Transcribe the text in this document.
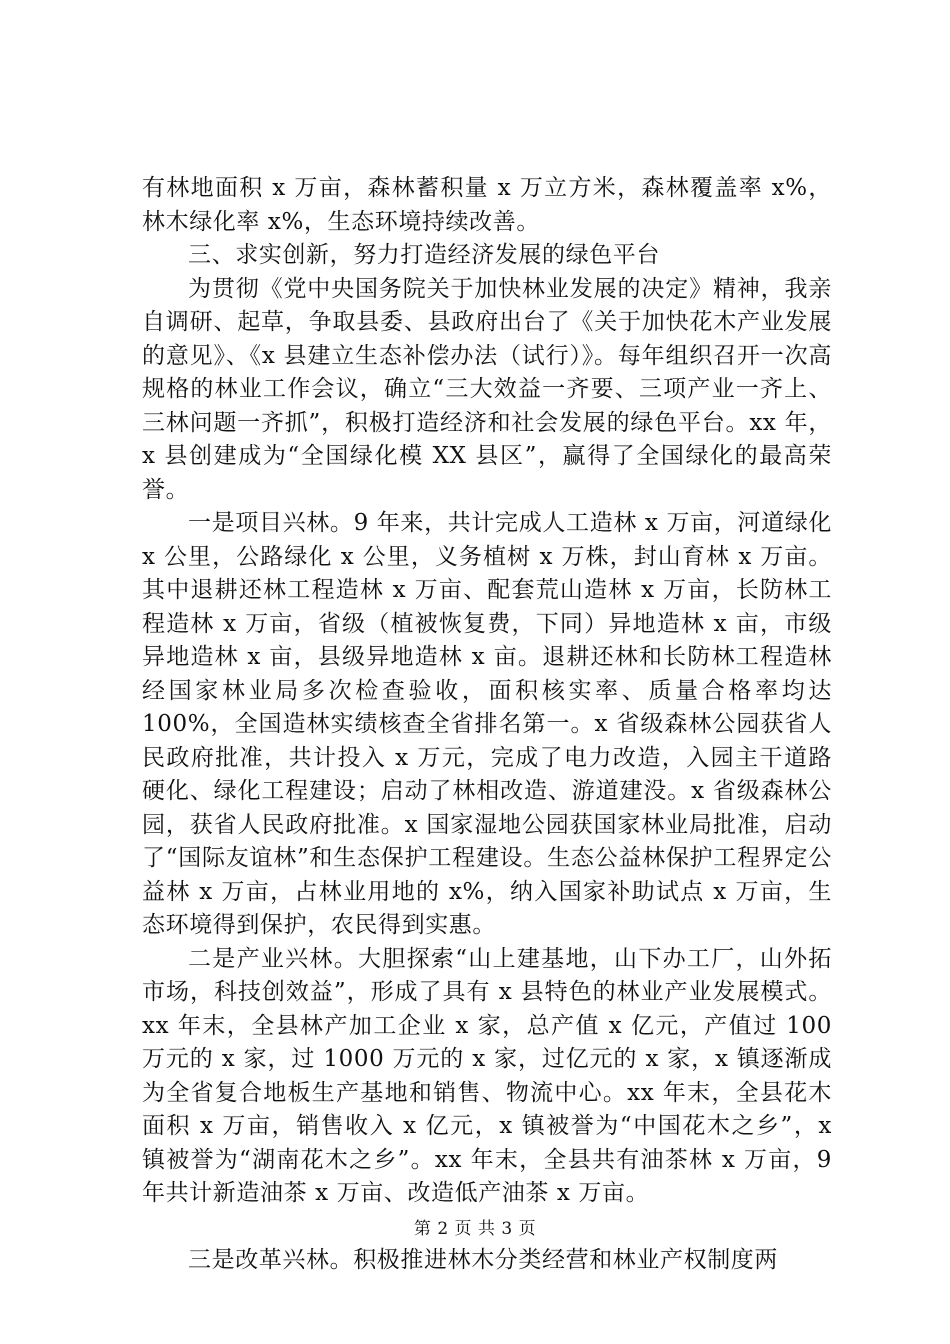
有林地面积 x 万亩，森林蓄积量 x 万立方米，森林覆盖率 x%，林木绿化率 x%，生态环境持续改善。

三、求实创新，努力打造经济发展的绿色平台

为贯彻《党中央国务院关于加快林业发展的决定》精神，我亲自调研、起草，争取县委、县政府出台了《关于加快花木产业发展的意见》、《x 县建立生态补偿办法（试行）》。每年组织召开一次高规格的林业工作会议，确立“三大效益一齐要、三项产业一齐上、三林问题一齐抓”，积极打造经济和社会发展的绿色平台。xx 年，x 县创建成为“全国绿化模 XX 县区”，赢得了全国绿化的最高荣誉。

一是项目兴林。9 年来，共计完成人工造林 x 万亩，河道绿化 x 公里，公路绿化 x 公里，义务植树 x 万株，封山育林 x 万亩。其中退耕还林工程造林 x 万亩、配套荒山造林 x 万亩，长防林工程造林 x 万亩，省级（植被恢复费，下同）异地造林 x 亩，市级异地造林 x 亩，县级异地造林 x 亩。退耕还林和长防林工程造林经国家林业局多次检查验收，面积核实率、质量合格率均达 100%，全国造林实绩核查全省排名第一。x 省级森林公园获省人民政府批准，共计投入 x 万元，完成了电力改造，入园主干道路硬化、绿化工程建设；启动了林相改造、游道建没。x 省级森林公园，获省人民政府批准。x 国家湿地公园获国家林业局批准，启动了“国际友谊林”和生态保护工程建设。生态公益林保护工程界定公益林 x 万亩，占林业用地的 x%，纳入国家补助试点 x 万亩，生态环境得到保护，农民得到实惠。

二是产业兴林。大胆探索“山上建基地，山下办工厂，山外拓市场，科技创效益”，形成了具有 x 县特色的林业产业发展模式。xx 年末，全县林产加工企业 x 家，总产值 x 亿元，产值过 100 万元的 x 家，过 1000 万元的 x 家，过亿元的 x 家，x 镇逐渐成为全省复合地板生产基地和销售、物流中心。xx 年末，全县花木面积 x 万亩，销售收入 x 亿元，x 镇被誉为“中国花木之乡”，x 镇被誉为“湖南花木之乡”。xx 年末，全县共有油茶林 x 万亩，9 年共计新造油茶 x 万亩、改造低产油茶 x 万亩。

三是改革兴林。积极推进林木分类经营和林业产权制度两

第 2 页 共 3 页
